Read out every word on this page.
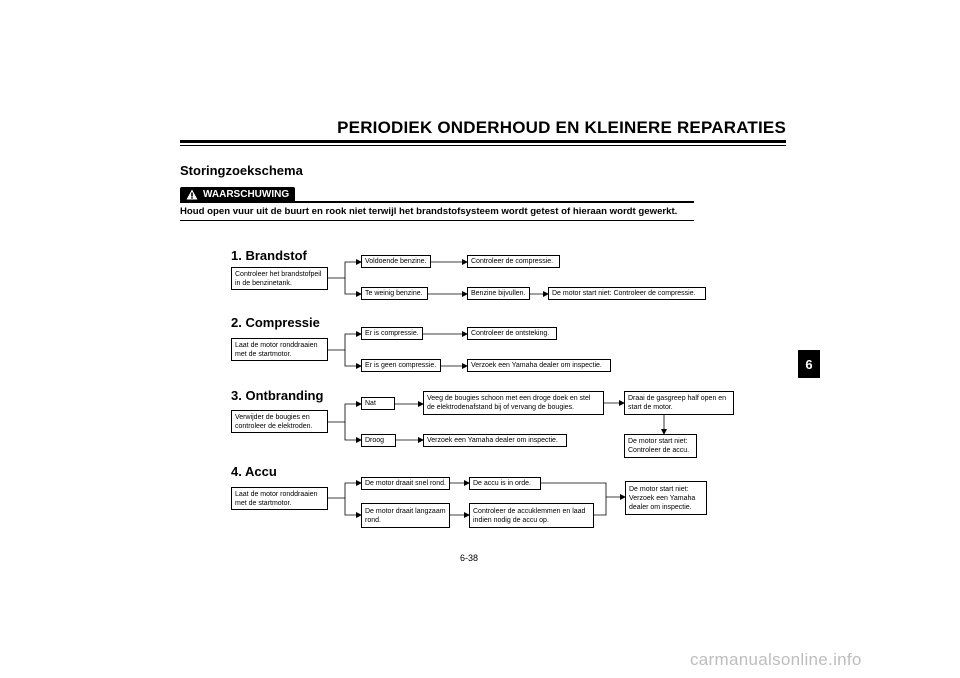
PERIODIEK ONDERHOUD EN KLEINERE REPARATIES
Storingzoekschema
WAARSCHUWING
Houd open vuur uit de buurt en rook niet terwijl het brandstofsysteem wordt getest of hieraan wordt gewerkt.
1. Brandstof
Controleer het brandstofpeil in de benzinetank.
Voldoende benzine.	Controleer de compressie.
Te weinig benzine.	Benzine bijvullen.	De motor start niet: Controleer de compressie.
2. Compressie
Laat de motor ronddraaien met de startmotor.
Er is compressie.	Controleer de ontsteking.
Er is geen compressie.	Verzoek een Yamaha dealer om inspectie.
3. Ontbranding
Verwijder de bougies en controleer de elektroden.
Nat
Veeg de bougies schoon met een droge doek en stel de elektrodenafstand bij of vervang de bougies.
Draai de gasgreep half open en start de motor.
De motor start niet: Controleer de accu.
Droog	Verzoek een Yamaha dealer om inspectie.
4. Accu
Laat de motor ronddraaien met de startmotor.
De motor draait snel rond.	De accu is in orde.
De motor draait langzaam rond.
Controleer de accuklemmen en laad indien nodig de accu op.
De motor start niet: Verzoek een Yamaha dealer om inspectie.
6
6-38
carmanualsonline.info
